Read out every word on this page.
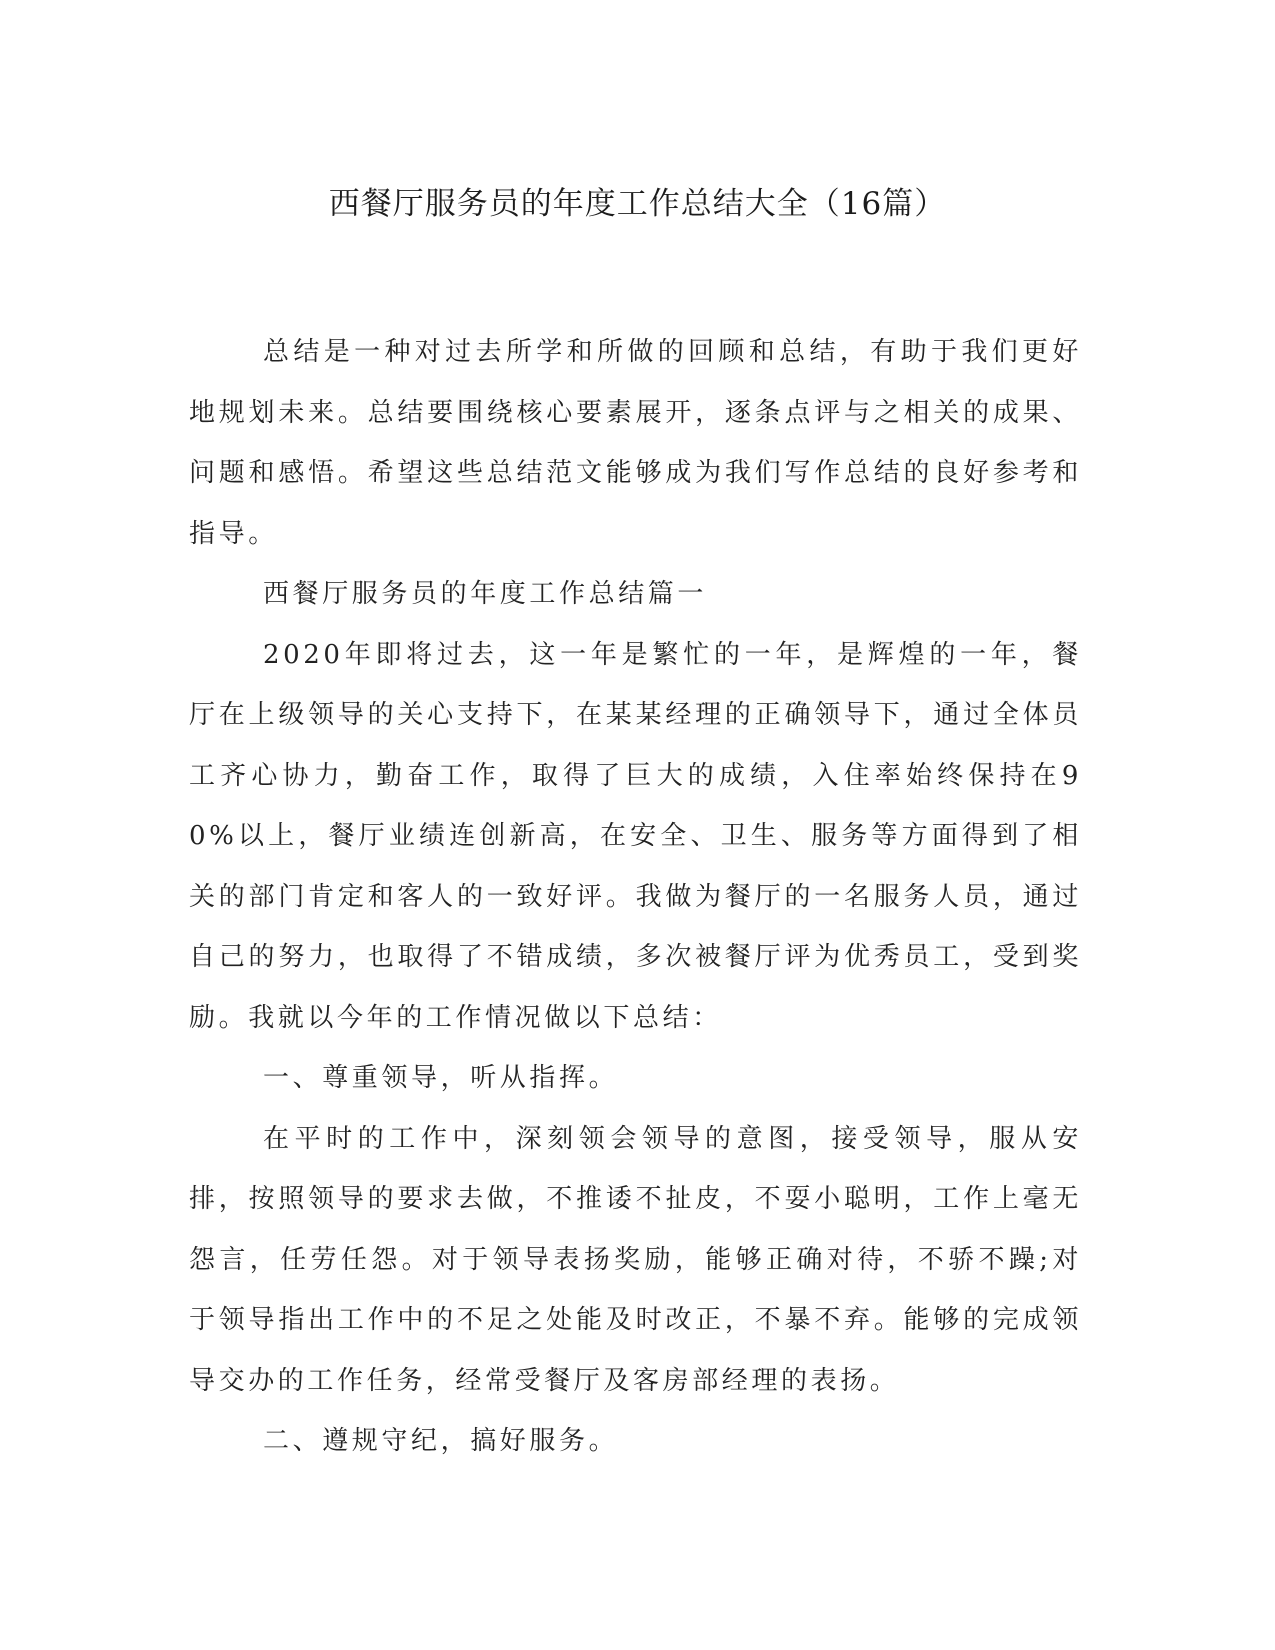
西餐厅服务员的年度工作总结大全（16篇）

总结是一种对过去所学和所做的回顾和总结，有助于我们更好地规划未来。总结要围绕核心要素展开，逐条点评与之相关的成果、问题和感悟。希望这些总结范文能够成为我们写作总结的良好参考和指导。

西餐厅服务员的年度工作总结篇一

2020年即将过去，这一年是繁忙的一年，是辉煌的一年，餐厅在上级领导的关心支持下，在某某经理的正确领导下，通过全体员工齐心协力，勤奋工作，取得了巨大的成绩，入住率始终保持在90%以上，餐厅业绩连创新高，在安全、卫生、服务等方面得到了相关的部门肯定和客人的一致好评。我做为餐厅的一名服务人员，通过自己的努力，也取得了不错成绩，多次被餐厅评为优秀员工，受到奖励。我就以今年的工作情况做以下总结：

一、尊重领导，听从指挥。

在平时的工作中，深刻领会领导的意图，接受领导，服从安排，按照领导的要求去做，不推诿不扯皮，不耍小聪明，工作上毫无怨言，任劳任怨。对于领导表扬奖励，能够正确对待，不骄不躁;对于领导指出工作中的不足之处能及时改正，不暴不弃。能够的完成领导交办的工作任务，经常受餐厅及客房部经理的表扬。

二、遵规守纪，搞好服务。
